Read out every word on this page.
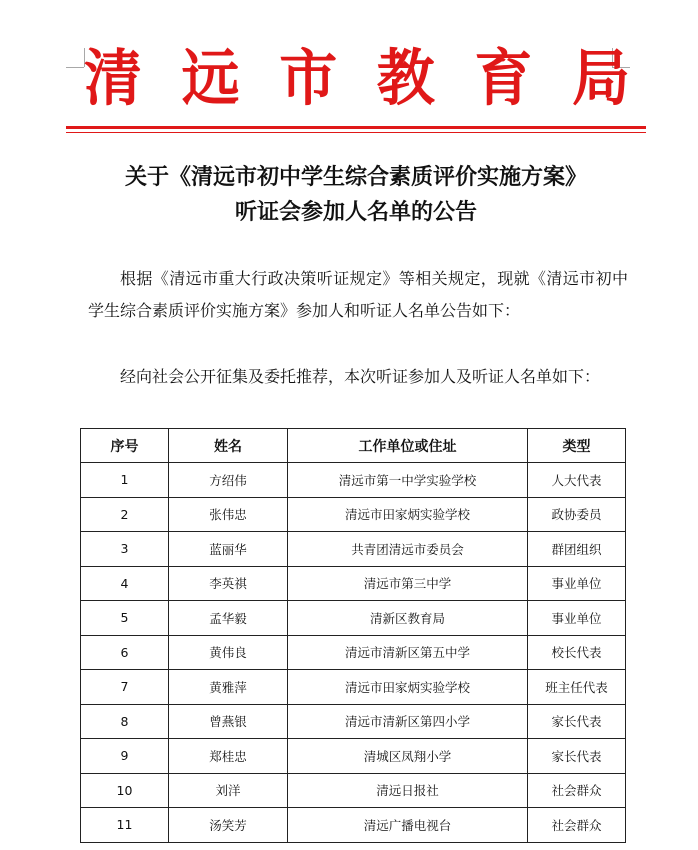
清 远 市 教 育 局
关于《清远市初中学生综合素质评价实施方案》
听证会参加人名单的公告
根据《清远市重大行政决策听证规定》等相关规定，现就《清远市初中学生综合素质评价实施方案》参加人和听证人名单公告如下：
经向社会公开征集及委托推荐，本次听证参加人及听证人名单如下：
序号	姓名	工作单位或住址	类型
1	方绍伟	清远市第一中学实验学校	人大代表
2	张伟忠	清远市田家炳实验学校	政协委员
3	蓝丽华	共青团清远市委员会	群团组织
4	李英祺	清远市第三中学	事业单位
5	孟华毅	清新区教育局	事业单位
6	黄伟良	清远市清新区第五中学	校长代表
7	黄雅萍	清远市田家炳实验学校	班主任代表
8	曾燕银	清远市清新区第四小学	家长代表
9	郑桂忠	清城区凤翔小学	家长代表
10	刘洋	清远日报社	社会群众
11	汤笑芳	清远广播电视台	社会群众
